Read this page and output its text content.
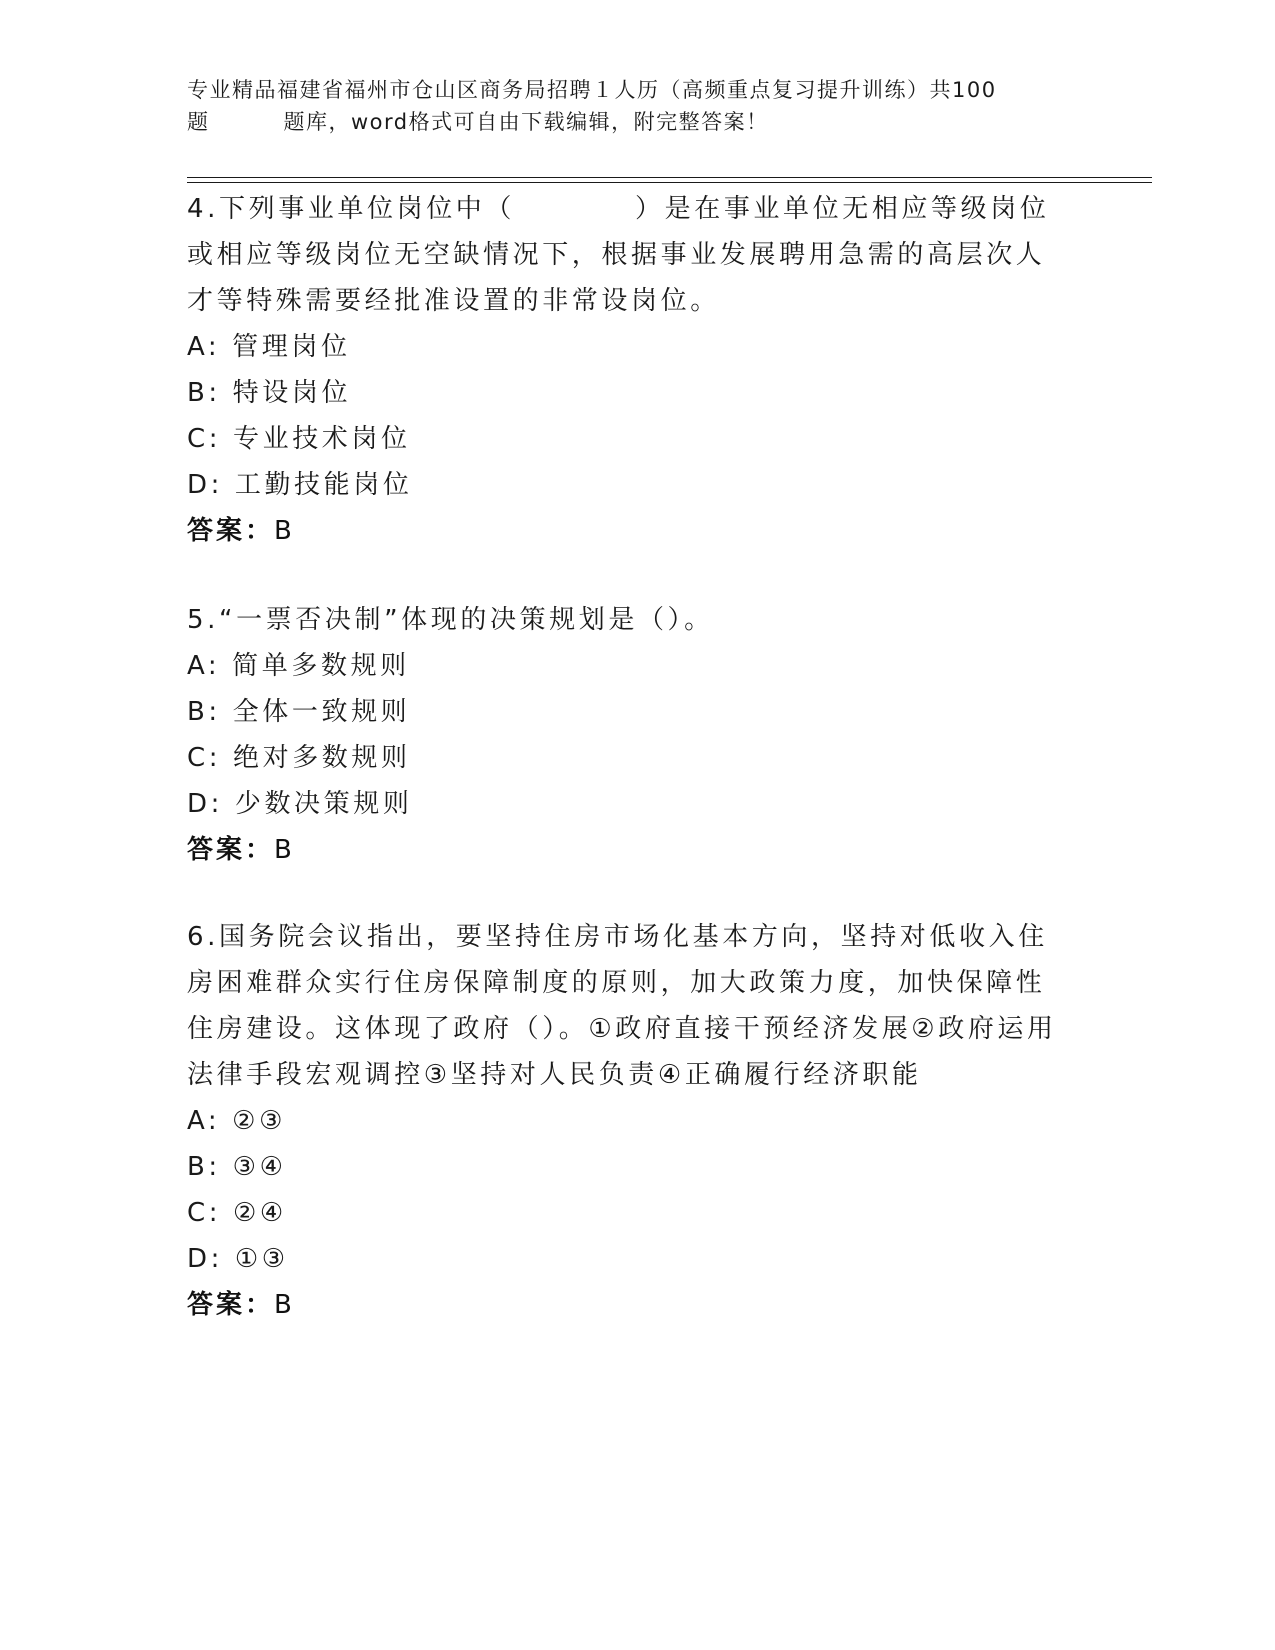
专业精品福建省福州市仓山区商务局招聘１人历（高频重点复习提升训练）共100
题	题库，word格式可自由下载编辑，附完整答案！

4.下列事业单位岗位中（	）是在事业单位无相应等级岗位或相应等级岗位无空缺情况下，根据事业发展聘用急需的高层次人才等特殊需要经批准设置的非常设岗位。

A: 管理岗位
B: 特设岗位
C: 专业技术岗位
D: 工勤技能岗位
答案：B

5.“一票否决制”体现的决策规划是（）。

A: 简单多数规则
B: 全体一致规则
C: 绝对多数规则
D: 少数决策规则
答案：B

6.国务院会议指出，要坚持住房市场化基本方向，坚持对低收入住房困难群众实行住房保障制度的原则，加大政策力度，加快保障性住房建设。这体现了政府（）。①政府直接干预经济发展②政府运用法律手段宏观调控③坚持对人民负责④正确履行经济职能

A: ②③
B: ③④
C: ②④
D: ①③
答案：B
